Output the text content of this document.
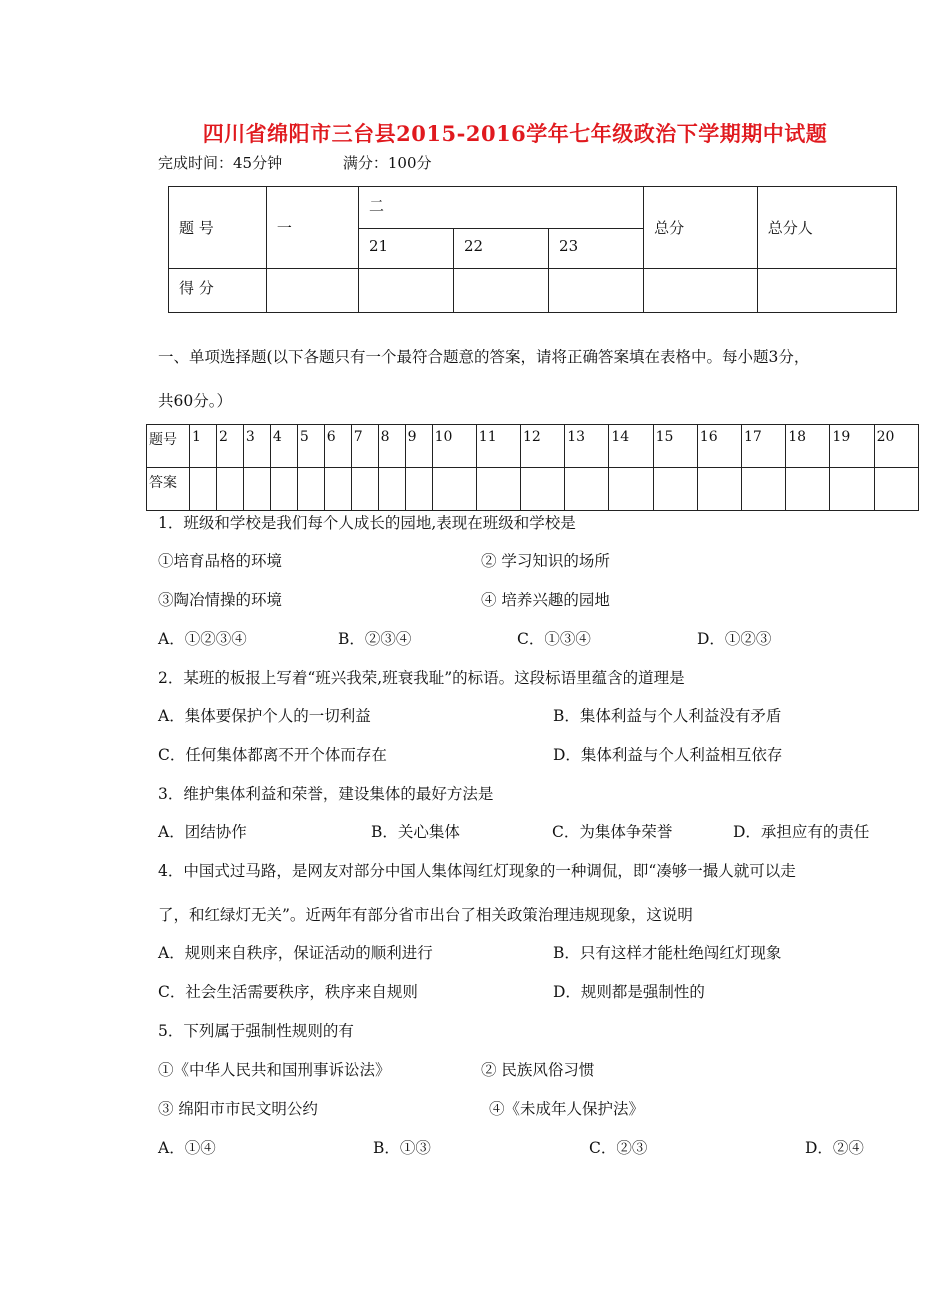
四川省绵阳市三台县2015-2016学年七年级政治下学期期中试题
完成时间：45分钟	满分：100分
题 号	一	二			总分	总分人
		21	22	23		
得 分						
一、单项选择题(以下各题只有一个最符合题意的答案，请将正确答案填在表格中。每小题3分，
共60分。）
题号	1	2	3	4	5	6	7	8	9	10	11	12	13	14	15	16	17	18	19	20
答案																				
1．班级和学校是我们每个人成长的园地,表现在班级和学校是
①培育品格的环境	② 学习知识的场所
③陶冶情操的环境	④ 培养兴趣的园地
A．①②③④	B．②③④	C．①③④	D．①②③
2．某班的板报上写着“班兴我荣,班衰我耻”的标语。这段标语里蕴含的道理是
A．集体要保护个人的一切利益	B．集体利益与个人利益没有矛盾
C．任何集体都离不开个体而存在	D．集体利益与个人利益相互依存
3．维护集体利益和荣誉，建设集体的最好方法是
A．团结协作	B．关心集体	C．为集体争荣誉	D．承担应有的责任
4．中国式过马路，是网友对部分中国人集体闯红灯现象的一种调侃，即“凑够一撮人就可以走
了，和红绿灯无关”。近两年有部分省市出台了相关政策治理违规现象，这说明
A．规则来自秩序，保证活动的顺利进行	B．只有这样才能杜绝闯红灯现象
C．社会生活需要秩序，秩序来自规则	D．规则都是强制性的
5．下列属于强制性规则的有
①《中华人民共和国刑事诉讼法》	② 民族风俗习惯
③ 绵阳市市民文明公约	④《未成年人保护法》
A．①④	B．①③	C．②③	D．②④
